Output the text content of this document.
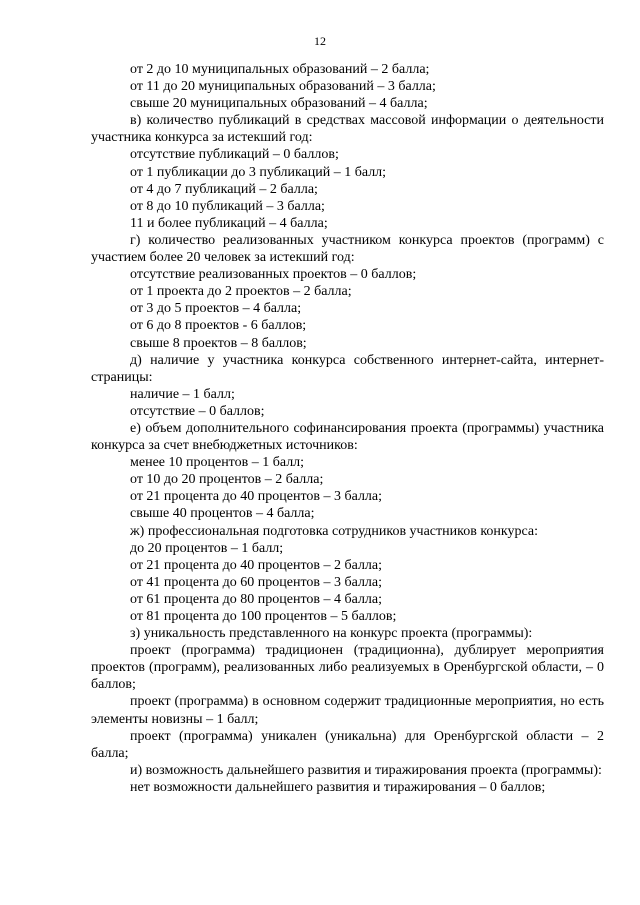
12

от 2 до 10 муниципальных образований – 2 балла;

от 11 до 20 муниципальных образований – 3 балла;

свыше 20 муниципальных образований – 4 балла;

в) количество публикаций в средствах массовой информации о деятельности участника конкурса за истекший год:

отсутствие публикаций – 0 баллов;

от 1 публикации до 3 публикаций – 1 балл;

от 4 до 7 публикаций – 2 балла;

от 8 до 10 публикаций – 3 балла;

11 и более публикаций – 4 балла;

г) количество реализованных участником конкурса проектов (программ) с участием более 20 человек за истекший год:

отсутствие реализованных проектов – 0 баллов;

от 1 проекта до 2 проектов – 2 балла;

от 3 до 5 проектов – 4 балла;

от 6 до 8 проектов - 6 баллов;

свыше 8 проектов – 8 баллов;

д) наличие у участника конкурса собственного интернет-сайта, интернет-страницы:

наличие – 1 балл;

отсутствие – 0 баллов;

е) объем дополнительного софинансирования проекта (программы) участника конкурса за счет внебюджетных источников:

менее 10 процентов – 1 балл;

от 10 до 20 процентов – 2 балла;

от 21 процента до 40 процентов – 3 балла;

свыше 40 процентов – 4 балла;

ж) профессиональная подготовка сотрудников участников конкурса:

до 20 процентов – 1 балл;

от 21 процента до 40 процентов – 2 балла;

от 41 процента до 60 процентов – 3 балла;

от 61 процента до 80 процентов – 4 балла;

от 81 процента до 100 процентов – 5 баллов;

з) уникальность представленного на конкурс проекта (программы):

проект (программа) традиционен (традиционна), дублирует мероприятия проектов (программ), реализованных либо реализуемых в Оренбургской области, – 0 баллов;

проект (программа) в основном содержит традиционные мероприятия, но есть элементы новизны – 1 балл;

проект (программа) уникален (уникальна) для Оренбургской области – 2 балла;

и) возможность дальнейшего развития и тиражирования проекта (программы):

нет возможности дальнейшего развития и тиражирования – 0 баллов;
